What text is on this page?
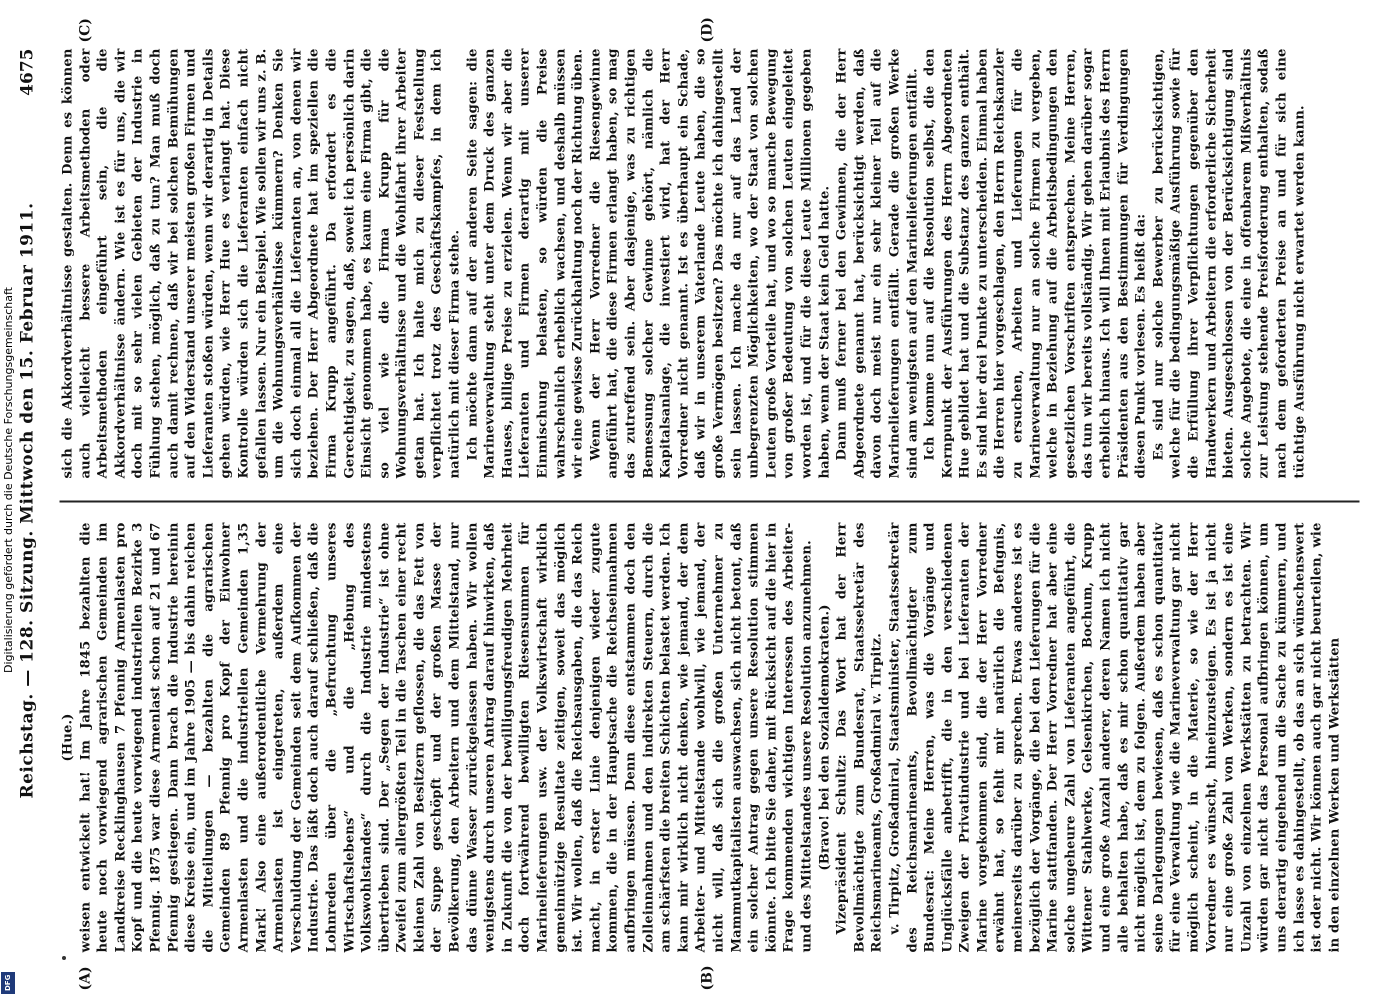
Reichstag. — 128. Sitzung. Mittwoch den 15. Februar 1911.
4675
(A)	(B)
(C)	(D)

(Hue.) weisen entwickelt hat! Im Jahre 1845 bezahlten die heute noch vorwiegend agrarischen Gemeinden im Landkreise Recklinghausen 7 Pfennig Armenlasten pro Kopf und die heute vorwiegend industriellen Bezirke 3 Pfennig. 1875 war diese Armenlast schon auf 21 und 67 Pfennig gestiegen. Dann brach die Industrie hereinin diese Kreise ein, und im Jahre 1905 — bis dahin reichen die Mitteilungen — bezahlten die agrarischen Gemeinden 89 Pfennig pro Kopf der Einwohner Armenlasten und die industriellen Gemeinden 1,35 Mark! Also eine außerordentliche Vermehrung der Armenlasten ist eingetreten, außerdem eine Verschuldung der Gemeinden seit dem Aufkommen der Industrie. Das läßt doch auch darauf schließen, daß die Lohnreden über die „Befruchtung unseres Wirtschaftslebens“ und die „Hebung des Volkswohlstandes“ durch die Industrie mindestens übertrieben sind. Der „Segen der Industrie“ ist ohne Zweifel zum allergrößten Teil in die Taschen einer recht kleinen Zahl von Besitzern geflossen, die das Fett von der Suppe geschöpft und der großen Masse der Bevölkerung, den Arbeitern und dem Mittelstand, nur das dünne Wasser zurückgelassen haben. Wir wollen wenigstens durch unseren Antrag darauf hinwirken, daß in Zukunft die von der bewilligungsfreudigen Mehrheit doch fortwährend bewilligten Riesensummen für Marinelieferungen usw. der Volkswirtschaft wirklich gemeinnützige Resultate zeitigen, soweit das möglich ist. Wir wollen, daß die Reichsausgaben, die das Reich macht, in erster Linie denjenigen wieder zugute kommen, die in der Hauptsache die Reichseinnahmen aufbringen müssen. Denn diese entstammen doch den Zolleinnahmen und den indirekten Steuern, durch die am schärfsten die breiten Schichten belastet werden. Ich kann mir wirklich nicht denken, wie jemand, der dem Arbeiter- und Mittelstande wohlwill, wie jemand, der nicht will, daß sich die großen Unternehmer zu Mammutkapitalisten auswachsen, sich nicht betont, daß ein solcher Antrag gegen unsere Resolution stimmen könnte. Ich bitte Sie daher, mit Rücksicht auf die hier in Frage kommenden wichtigen Interessen des Arbeiter- und des Mittelstandes unsere Resolution anzunehmen. (Bravo! bei den Sozialdemokraten.) Vizepräsident Schultz: Das Wort hat der Herr Bevollmächtigte zum Bundesrat, Staatssekretär des Reichsmarineamts, Großadmiral v. Tirpitz. v. Tirpitz, Großadmiral, Staatsminister, Staatssekretär des Reichsmarineamts, Bevollmächtigter zum Bundesrat: Meine Herren, was die Vorgänge und Unglücksfälle anbetrifft, die in den verschiedenen Zweigen der Privatindustrie und bei Lieferanten der Marine vorgekommen sind, die der Herr Vorredner erwähnt hat, so fehlt mir natürlich die Befugnis, meinerseits darüber zu sprechen. Etwas anderes ist es bezüglich der Vorgänge, die bei den Lieferungen für die Marine stattfanden. Der Herr Vorredner hat aber eine solche ungeheure Zahl von Lieferanten angeführt, die Wittener Stahlwerke, Gelsenkirchen, Bochum, Krupp und eine große Anzahl anderer, deren Namen ich nicht alle behalten habe, daß es mir schon quantitativ gar nicht möglich ist, dem zu folgen. Außerdem haben aber seine Darlegungen bewiesen, daß es schon quantitativ für eine Verwaltung wie die Marineverwaltung gar nicht möglich scheint, in die Materie, so wie der Herr Vorredner es wünscht, hineinzusteigen. Es ist ja nicht nur eine große Zahl von Werken, sondern es ist eine Unzahl von einzelnen Werkstätten zu betrachten. Wir würden gar nicht das Personal aufbringen können, um uns derartig eingehend um die Sache zu kümmern, und ich lasse es dahingestellt, ob das an sich wünschenswert ist oder nicht. Wir können auch gar nicht beurteilen, wie in den einzelnen Werken und Werkstätten

sich die Akkordverhältnisse gestalten. Denn es können auch vielleicht bessere Arbeitsmethoden oder Arbeitsmethoden eingeführt sein, die die Akkordverhältnisse ändern. Wie ist es für uns, die wir doch mit so sehr vielen Gebieten der Industrie in Fühlung stehen, möglich, daß zu tun? Man muß doch auch damit rechnen, daß wir bei solchen Bemühungen auf den Widerstand unserer meisten großen Firmen und Lieferanten stoßen würden, wenn wir derartig in Details gehen würden, wie Herr Hue es verlangt hat. Diese Kontrolle würden sich die Lieferanten einfach nicht gefallen lassen. Nur ein Beispiel. Wie sollen wir uns z. B. um die Wohnungsverhältnisse kümmern? Denken Sie sich doch einmal all die Lieferanten an, von denen wir beziehen. Der Herr Abgeordnete hat im speziellen die Firma Krupp angeführt. Da erfordert es die Gerechtigkeit, zu sagen, daß, soweit ich persönlich darin Einsicht genommen habe, es kaum eine Firma gibt, die so viel wie die Firma Krupp für die Wohnungsverhältnisse und die Wohlfahrt ihrer Arbeiter getan hat. Ich halte mich zu dieser Feststellung verpflichtet trotz des Geschäftskampfes, in dem ich natürlich mit dieser Firma stehe. Ich möchte dann auf der anderen Seite sagen: die Marineverwaltung steht unter dem Druck des ganzen Hauses, billige Preise zu erzielen. Wenn wir aber die Lieferanten und Firmen derartig mit unserer Einmischung belasten, so würden die Preise wahrscheinlich erheblich wachsen, und deshalb müssen wir eine gewisse Zurückhaltung noch der Richtung üben. Wenn der Herr Vorredner die Riesengewinne angeführt hat, die diese Firmen erlangt haben, so mag das zutreffend sein. Aber dasjenige, was zu richtigen Bemessung solcher Gewinne gehört, nämlich die Kapitalsanlage, die investiert wird, hat der Herr Vorredner nicht genannt. Ist es überhaupt ein Schade, daß wir in unserem Vaterlande Leute haben, die so große Vermögen besitzen? Das möchte ich dahingestellt sein lassen. Ich mache da nur auf das Land der unbegrenzten Möglichkeiten, wo der Staat von solchen Leuten große Vorteile hat, und wo so manche Bewegung von großer Bedeutung von solchen Leuten eingeleitet worden ist, und für die diese Leute Millionen gegeben haben, wenn der Staat kein Geld hatte. Dann muß ferner bei den Gewinnen, die der Herr Abgeordnete genannt hat, berücksichtigt werden, daß davon doch meist nur ein sehr kleiner Teil auf die Marinelieferungen entfällt. Gerade die großen Werke sind am wenigsten auf den Marinelieferungen entfällt. Ich komme nun auf die Resolution selbst, die den Kernpunkt der Ausführungen des Herrn Abgeordneten Hue gebildet hat und die Substanz des ganzen enthält. Es sind hier drei Punkte zu unterscheiden. Einmal haben die Herren hier vorgeschlagen, den Herrn Reichskanzler zu ersuchen, Arbeiten und Lieferungen für die Marineverwaltung nur an solche Firmen zu vergeben, welche in Beziehung auf die Arbeitsbedingungen den gesetzlichen Vorschriften entsprechen. Meine Herren, das tun wir bereits vollständig. Wir gehen darüber sogar erheblich hinaus. Ich will Ihnen mit Erlaubnis des Herrn Präsidenten aus den Bestimmungen für Verdingungen diesen Punkt vorlesen. Es heißt da: Es sind nur solche Bewerber zu berücksichtigen, welche für die bedingungsmäßige Ausführung sowie für die Erfüllung ihrer Verpflichtungen gegenüber den Handwerkern und Arbeitern die erforderliche Sicherheit bieten. Ausgeschlossen von der Berücksichtigung sind solche Angebote, die eine in offenbarem Mißverhältnis zur Leistung stehende Preisforderung enthalten, sodaß nach dem geforderten Preise an und für sich eine tüchtige Ausführung nicht erwartet werden kann.

Digitalisierung gefördert durch die Deutsche Forschungsgemeinschaft
DFG
